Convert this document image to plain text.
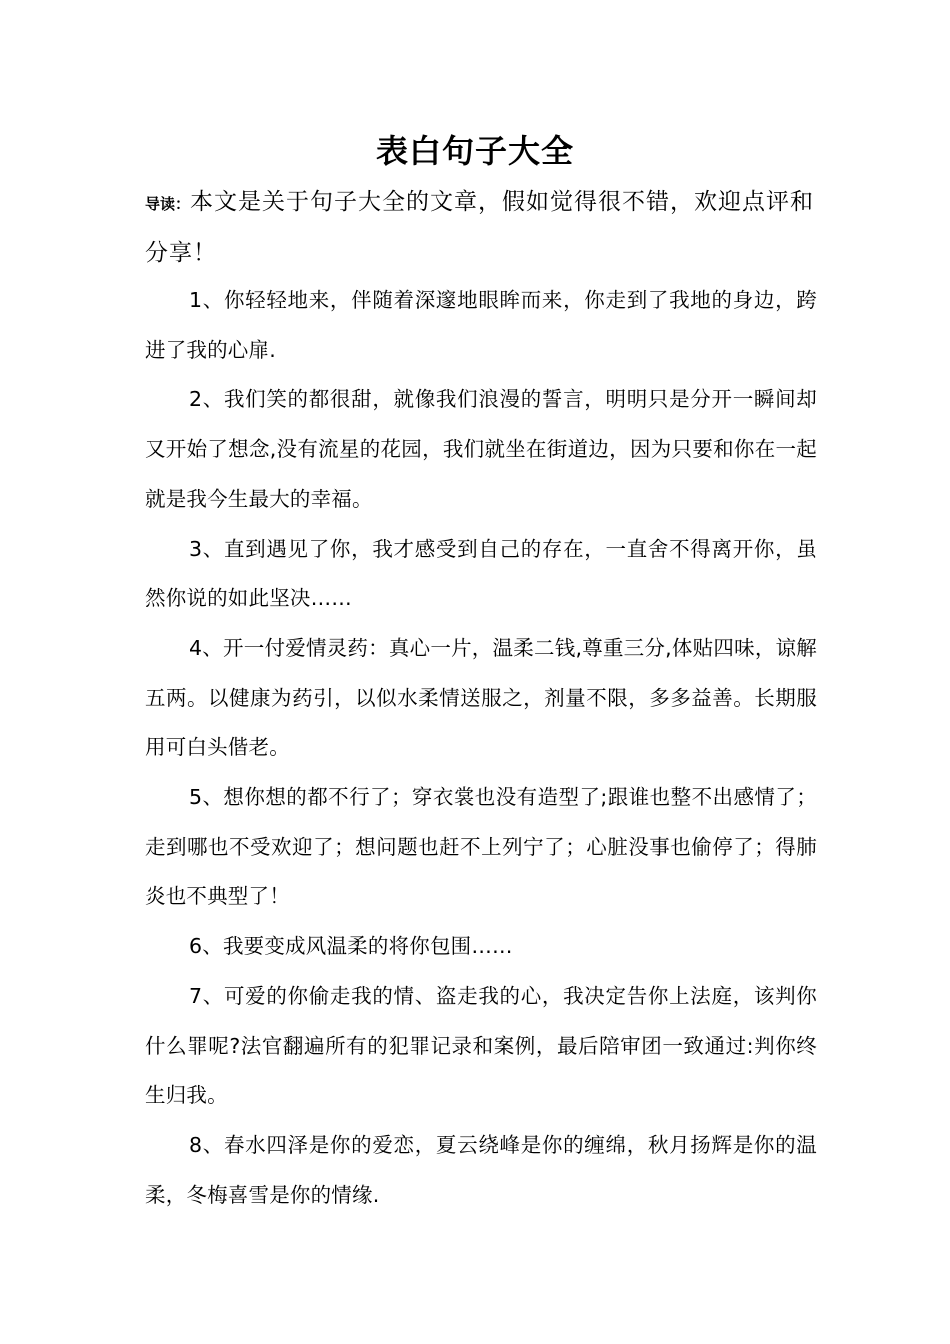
表白句子大全
导读：本文是关于句子大全的文章，假如觉得很不错，欢迎点评和分享！

1、你轻轻地来，伴随着深邃地眼眸而来，你走到了我地的身边，跨进了我的心扉.

2、我们笑的都很甜，就像我们浪漫的誓言，明明只是分开一瞬间却又开始了想念,没有流星的花园，我们就坐在街道边，因为只要和你在一起就是我今生最大的幸福。

3、直到遇见了你，我才感受到自己的存在，一直舍不得离开你，虽然你说的如此坚决……

4、开一付爱情灵药：真心一片，温柔二钱,尊重三分,体贴四味，谅解五两。以健康为药引，以似水柔情送服之，剂量不限，多多益善。长期服用可白头偕老。

5、想你想的都不行了；穿衣裳也没有造型了;跟谁也整不出感情了；走到哪也不受欢迎了；想问题也赶不上列宁了；心脏没事也偷停了；得肺炎也不典型了！

6、我要变成风温柔的将你包围……

7、可爱的你偷走我的情、盗走我的心，我决定告你上法庭，该判你什么罪呢?法官翻遍所有的犯罪记录和案例，最后陪审团一致通过:判你终生归我。

8、春水四泽是你的爱恋，夏云绕峰是你的缠绵，秋月扬辉是你的温柔，冬梅喜雪是你的情缘.
